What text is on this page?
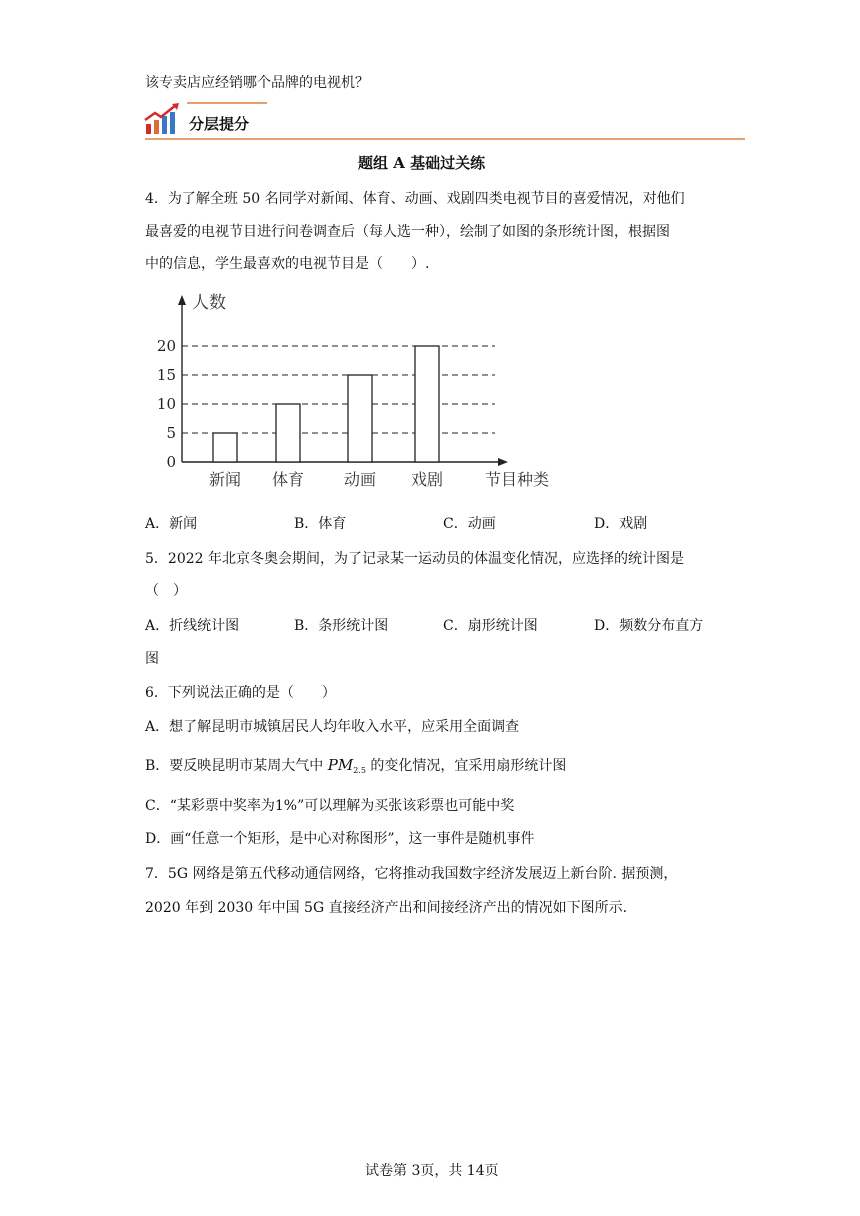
该专卖店应经销哪个品牌的电视机？
分层提分
题组 A 基础过关练
4．为了解全班 50 名同学对新闻、体育、动画、戏剧四类电视节目的喜爱情况，对他们
最喜爱的电视节目进行问卷调查后（每人选一种），绘制了如图的条形统计图，根据图
中的信息，学生最喜欢的电视节目是（　　）.
0
5
10
15
20
新闻 体育 动画 戏剧
人数
节目种类
A．新闻	B．体育	C．动画	D．戏剧
5．2022 年北京冬奥会期间，为了记录某一运动员的体温变化情况，应选择的统计图是
（　）
A．折线统计图	B．条形统计图	C．扇形统计图	D．频数分布直方
图
6．下列说法正确的是（　　）
A．想了解昆明市城镇居民人均年收入水平，应采用全面调查
B．要反映昆明市某周大气中 $PM_{2.5}$ 的变化情况，宜采用扇形统计图
C．“某彩票中奖率为1%”可以理解为买张该彩票也可能中奖
D．画“任意一个矩形，是中心对称图形”，这一事件是随机事件
7．5G 网络是第五代移动通信网络，它将推动我国数字经济发展迈上新台阶. 据预测，
2020 年到 2030 年中国 5G 直接经济产出和间接经济产出的情况如下图所示.
试卷第 3页，共 14页
